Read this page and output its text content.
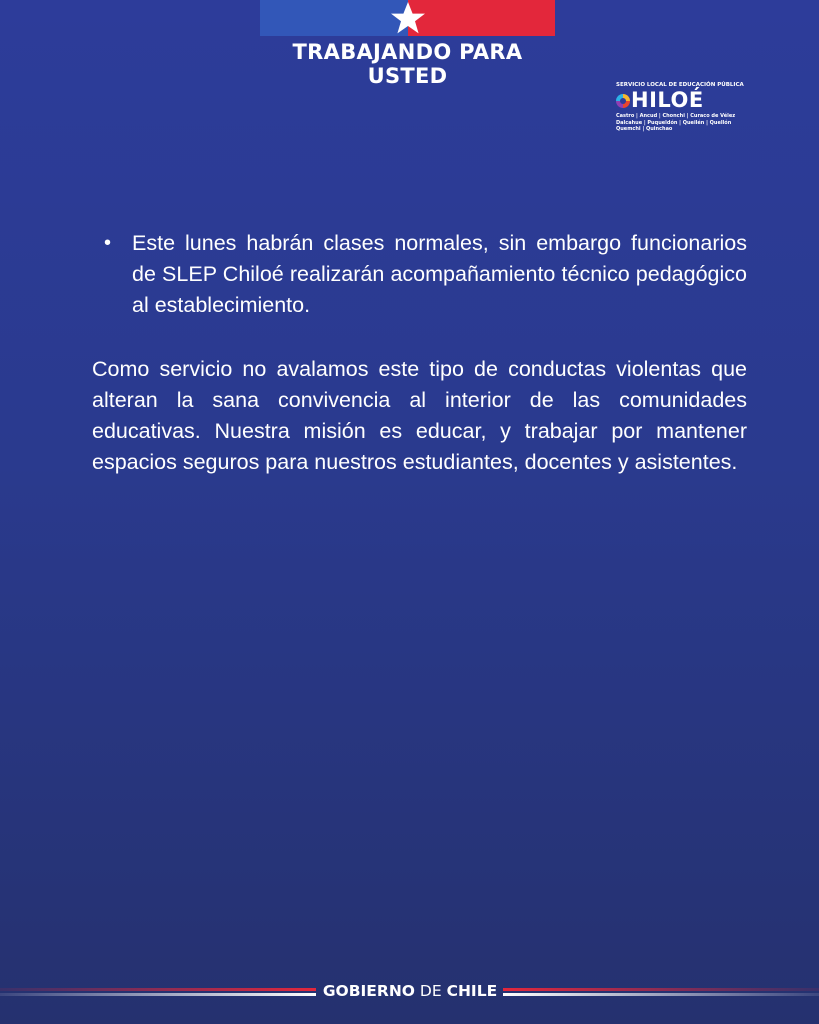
TRABAJANDO PARA USTED	SERVICIO LOCAL DE EDUCACIÓN PÚBLICA
HILOÉ
Castro | Ancud | Chonchi | Curaco de Vélez
Dalcahue | Puqueldón | Queilén | Quellón
Quemchi | Quinchao
• Este lunes habrán clases normales, sin embargo funcionarios de SLEP Chiloé realizarán acompañamiento técnico pedagógico al establecimiento.
Como servicio no avalamos este tipo de conductas violentas que alteran la sana convivencia al interior de las comunidades educativas. Nuestra misión es educar, y trabajar por mantener espacios seguros para nuestros estudiantes, docentes y asistentes.
GOBIERNO DE CHILE
